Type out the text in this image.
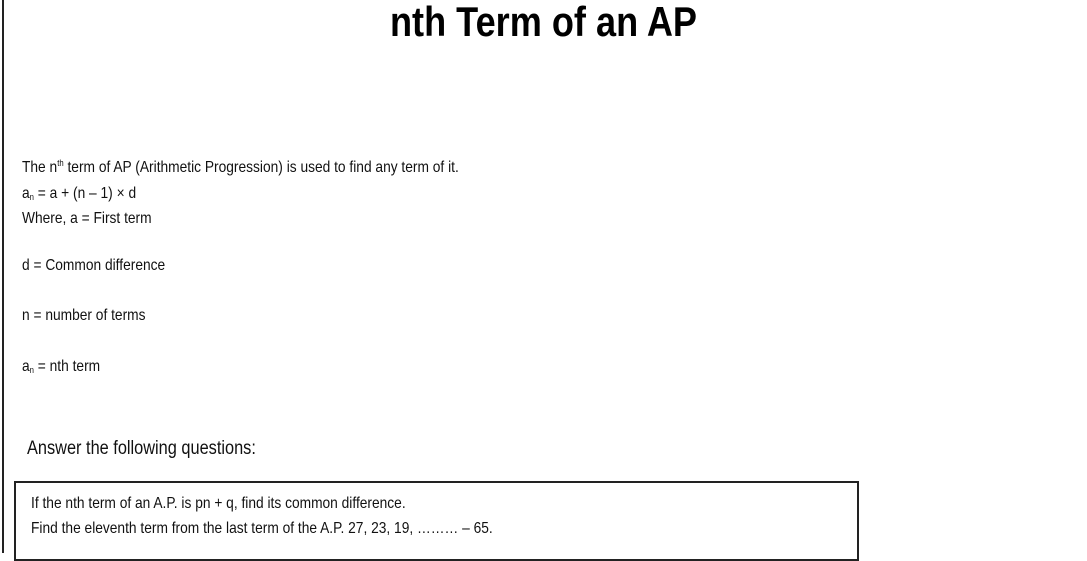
nth Term of an AP
The $n^{th}$ term of AP (Arithmetic Progression) is used to find any term of it.
$a_n = a + (n - 1) \times d$
Where, a = First term
d = Common difference
n = number of terms
$a_n$ = nth term
Answer the following questions:
If the nth term of an A.P. is pn + q, find its common difference.
Find the eleventh term from the last term of the A.P. 27, 23, 19, ……… – 65.
